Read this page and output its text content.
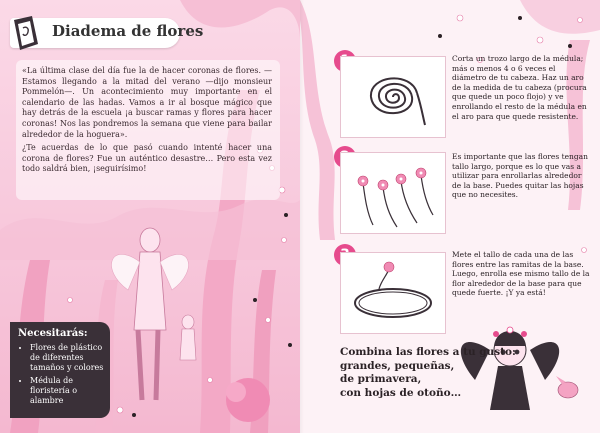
Diadema de flores

«La última clase del día fue la de hacer coronas de flores. —Estamos llegando a la mitad del verano —dijo monsieur Pommelón—. Un acontecimiento muy importante en el calendario de las hadas. Vamos a ir al bosque mágico que hay detrás de la escuela ¡a buscar ramas y flores para hacer coronas! Nos las pondremos la semana que viene para bailar alrededor de la hoguera».

¿Te acuerdas de lo que pasó cuando intenté hacer una corona de flores? Fue un auténtico desastre… Pero esta vez todo saldrá bien, ¡seguirísimo!

Necesitarás:
• Flores de plástico de diferentes tamaños y colores
• Médula de floristería o alambre
Corta un trozo largo de la médula; más o menos 4 o 6 veces el diámetro de tu cabeza. Haz un aro de la medida de tu cabeza (procura que quede un poco flojo) y ve enrollando el resto de la médula en el aro para que quede resistente.
Es importante que las flores tengan tallo largo, porque es lo que vas a utilizar para enrollarlas alrededor de la base. Puedes quitar las hojas que no necesites.
Mete el tallo de cada una de las flores entre las ramitas de la base. Luego, enrolla ese mismo tallo de la flor alrededor de la base para que quede fuerte. ¡Y ya está!
Combina las flores a tu gusto:
grandes, pequeñas,
de primavera,
con hojas de otoño…
